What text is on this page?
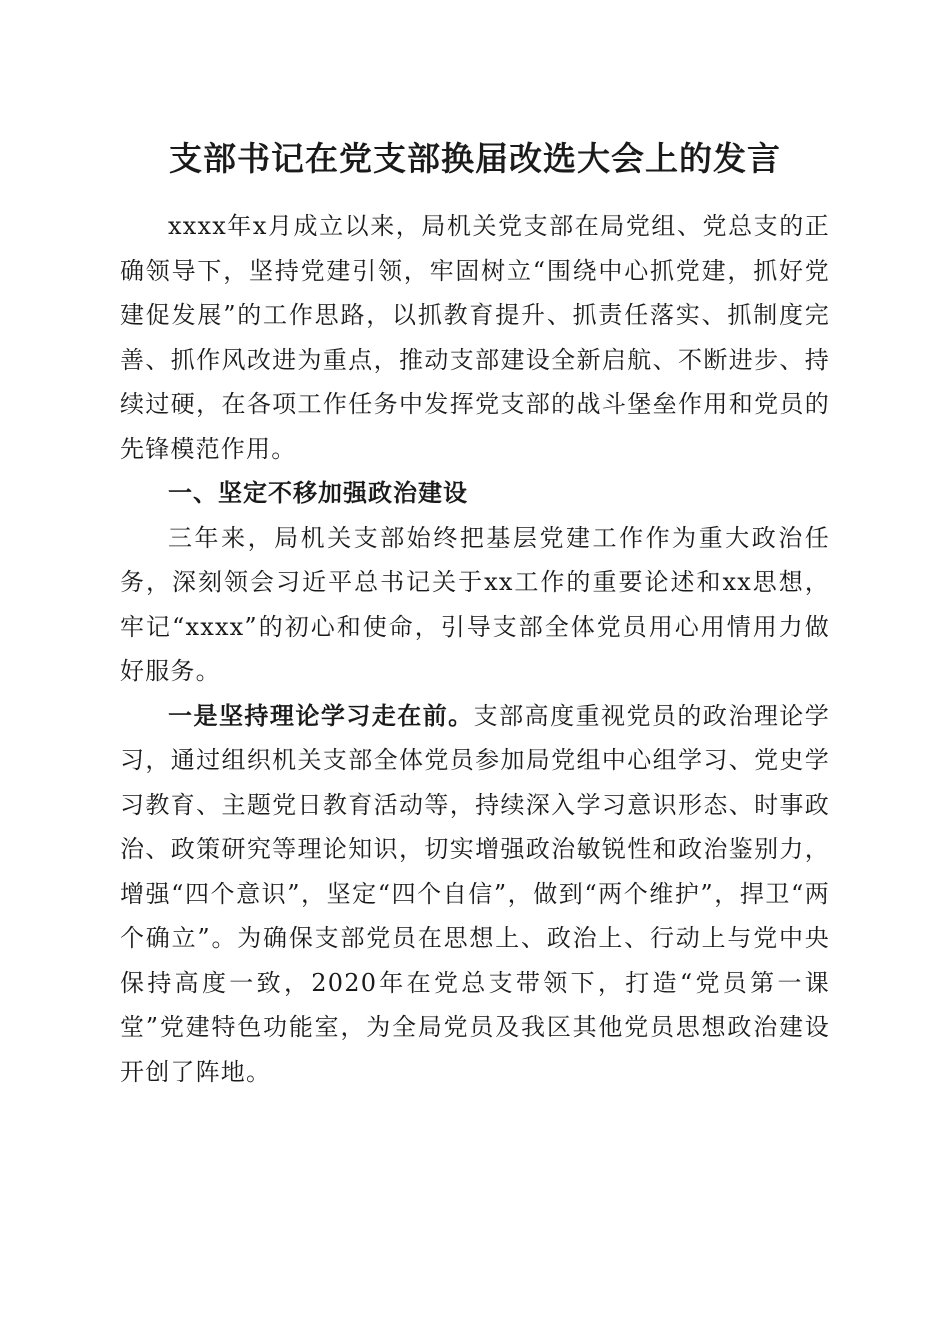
支部书记在党支部换届改选大会上的发言

xxxx年x月成立以来，局机关党支部在局党组、党总支的正确领导下，坚持党建引领，牢固树立“围绕中心抓党建，抓好党建促发展”的工作思路，以抓教育提升、抓责任落实、抓制度完善、抓作风改进为重点，推动支部建设全新启航、不断进步、持续过硬，在各项工作任务中发挥党支部的战斗堡垒作用和党员的先锋模范作用。

一、坚定不移加强政治建设

三年来，局机关支部始终把基层党建工作作为重大政治任务，深刻领会习近平总书记关于xx工作的重要论述和xx思想，牢记“xxxx”的初心和使命，引导支部全体党员用心用情用力做好服务。

一是坚持理论学习走在前。支部高度重视党员的政治理论学习，通过组织机关支部全体党员参加局党组中心组学习、党史学习教育、主题党日教育活动等，持续深入学习意识形态、时事政治、政策研究等理论知识，切实增强政治敏锐性和政治鉴别力，增强“四个意识”，坚定“四个自信”，做到“两个维护”，捍卫“两个确立”。为确保支部党员在思想上、政治上、行动上与党中央保持高度一致，2020年在党总支带领下，打造“党员第一课堂”党建特色功能室，为全局党员及我区其他党员思想政治建设开创了阵地。
